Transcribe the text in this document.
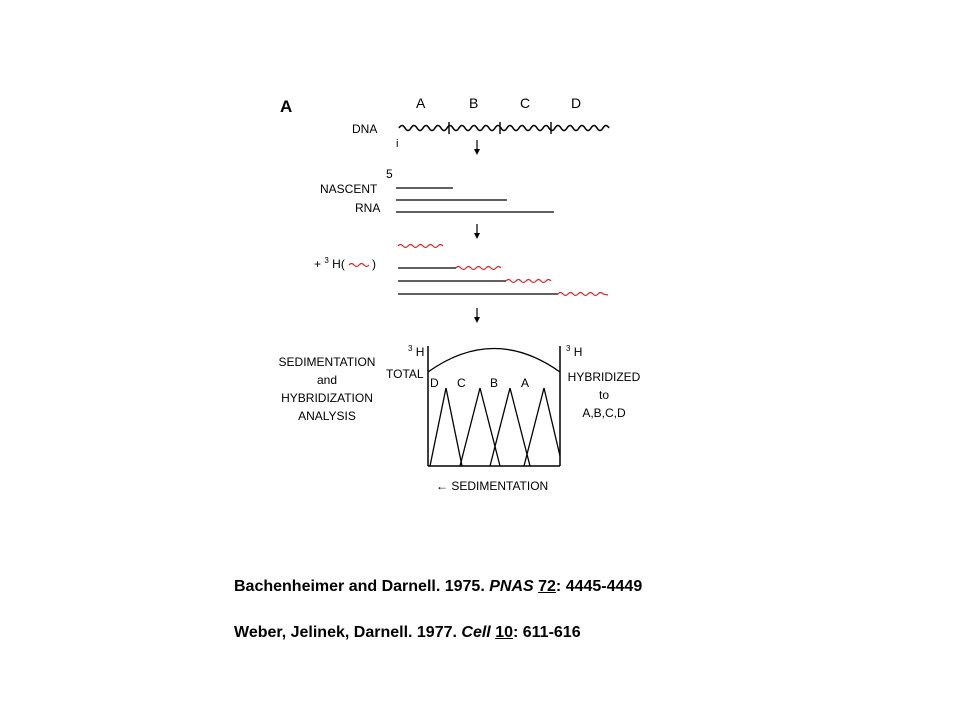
A	A	B	C	D
DNA
i
5
NASCENT
RNA
+ $^3$ H( )
SEDIMENTATION
and
HYBRIDIZATION
ANALYSIS
$^3$ H
TOTAL
$^3$ H
HYBRIDIZED
to
A,B,C,D
D C B A
← SEDIMENTATION
Bachenheimer and Darnell. 1975. PNAS 72: 4445-4449
Weber, Jelinek, Darnell. 1977. Cell 10: 611-616
